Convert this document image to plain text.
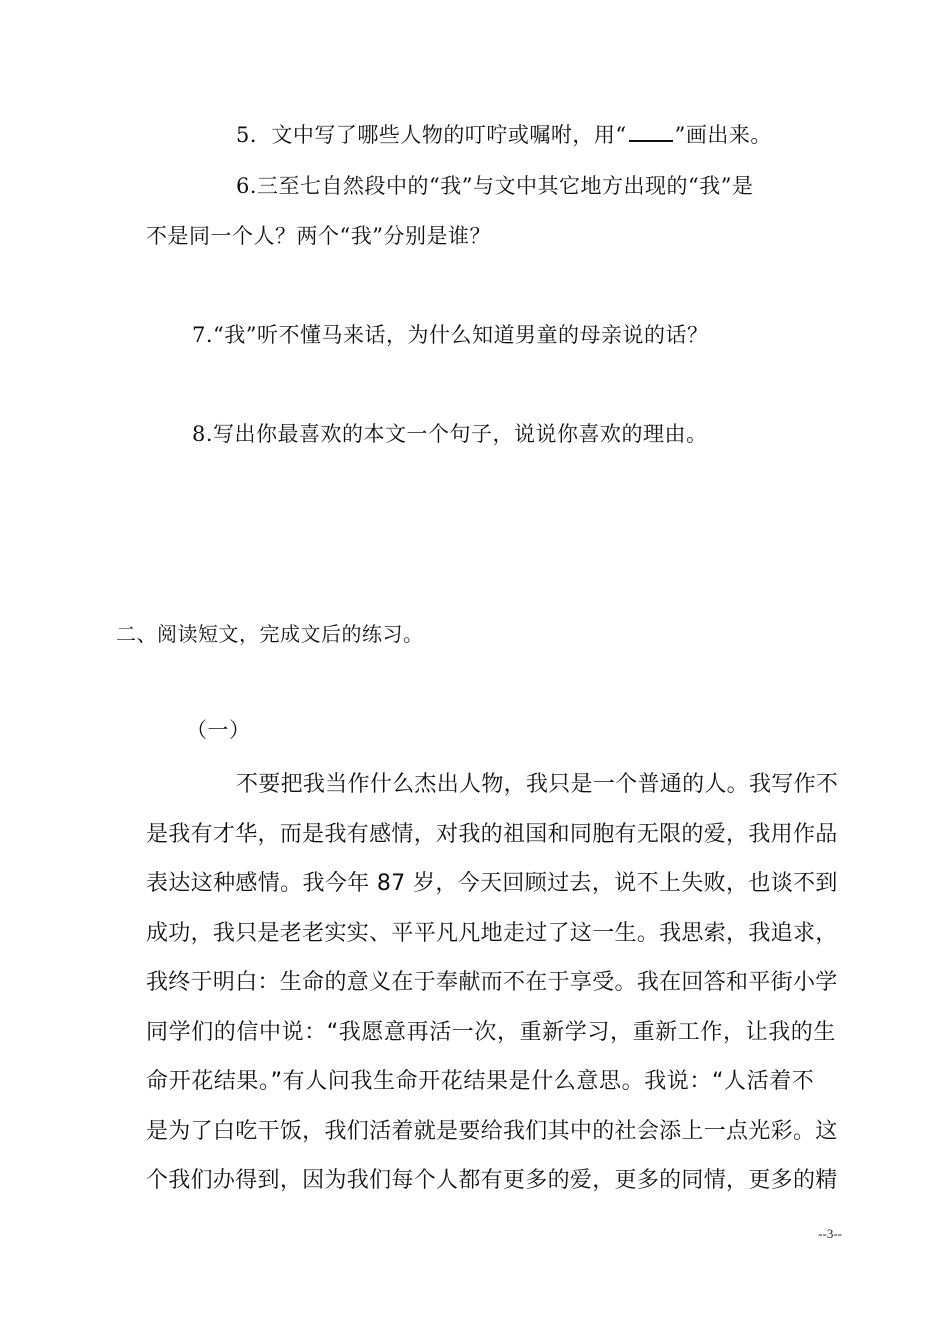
5．文中写了哪些人物的叮咛或嘱咐，用“ ”画出来。
6.三至七自然段中的“我”与文中其它地方出现的“我”是
不是同一个人？两个“我”分别是谁？
7.“我”听不懂马来话，为什么知道男童的母亲说的话？
8.写出你最喜欢的本文一个句子，说说你喜欢的理由。
二、阅读短文，完成文后的练习。
（一）
不要把我当作什么杰出人物，我只是一个普通的人。我写作不
是我有才华，而是我有感情，对我的祖国和同胞有无限的爱，我用作品
表达这种感情。我今年 87 岁，今天回顾过去，说不上失败，也谈不到
成功，我只是老老实实、平平凡凡地走过了这一生。我思索，我追求，
我终于明白：生命的意义在于奉献而不在于享受。我在回答和平街小学
同学们的信中说：“我愿意再活一次，重新学习，重新工作，让我的生
命开花结果。”有人问我生命开花结果是什么意思。我说：“人活着不
是为了白吃干饭，我们活着就是要给我们其中的社会添上一点光彩。这
个我们办得到，因为我们每个人都有更多的爱，更多的同情，更多的精
--3--
